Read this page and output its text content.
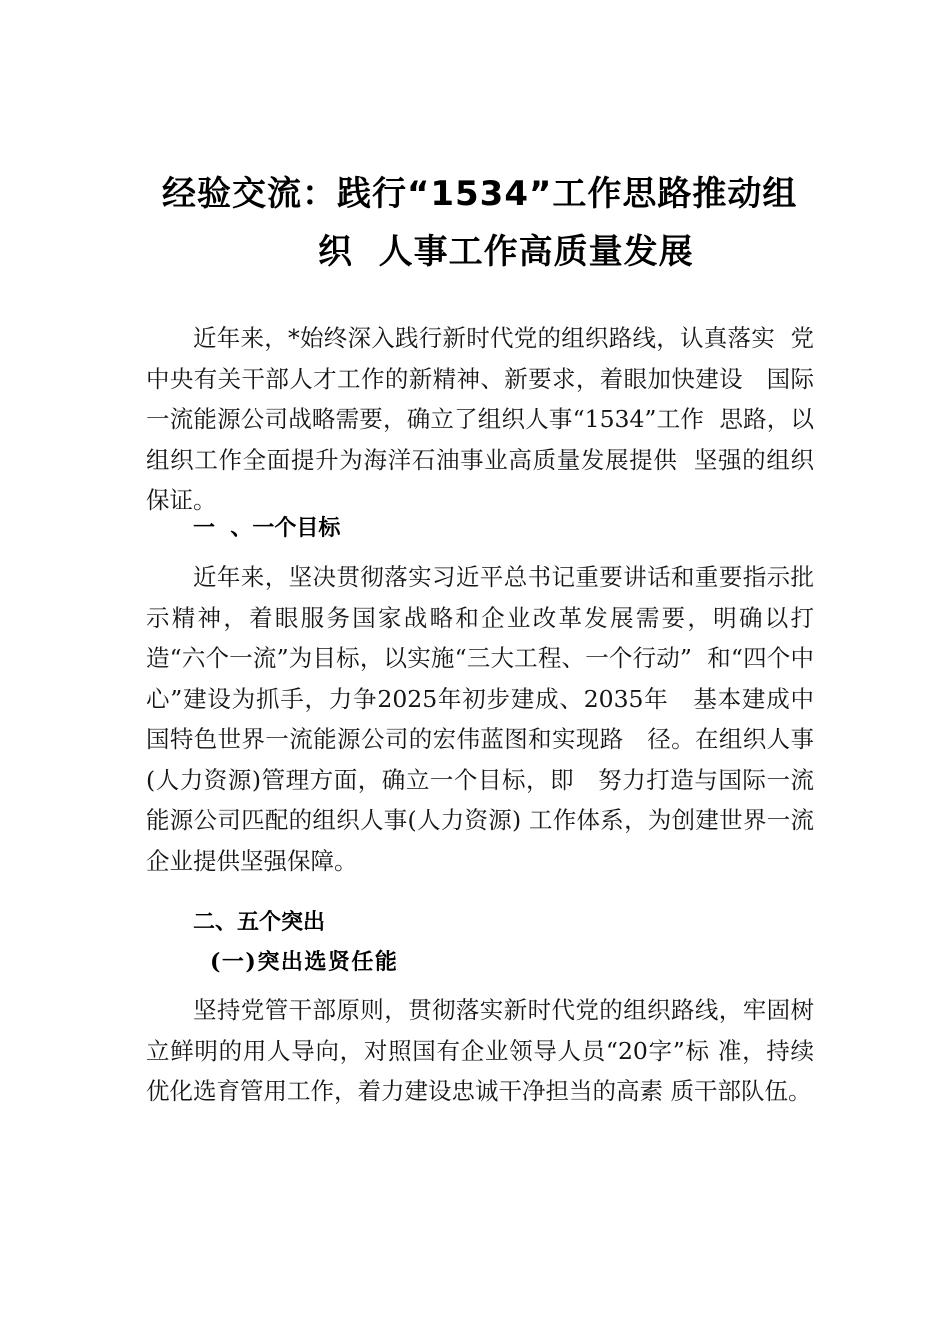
经验交流：践行“1534”工作思路推动组
织  人事工作高质量发展
近年来，*始终深入践行新时代党的组织路线，认真落实  党中央有关干部人才工作的新精神、新要求，着眼加快建设   国际一流能源公司战略需要，确立了组织人事“1534”工作  思路，以组织工作全面提升为海洋石油事业高质量发展提供  坚强的组织保证。
一  、一个目标
近年来，坚决贯彻落实习近平总书记重要讲话和重要指示批示精神，着眼服务国家战略和企业改革发展需要，明确以打造“六个一流”为目标，以实施“三大工程、一个行动”  和“四个中心”建设为抓手，力争2025年初步建成、2035年   基本建成中国特色世界一流能源公司的宏伟蓝图和实现路   径。在组织人事(人力资源)管理方面，确立一个目标，即   努力打造与国际一流能源公司匹配的组织人事(人力资源) 工作体系，为创建世界一流企业提供坚强保障。
二、五个突出
(一)突出选贤任能
坚持党管干部原则，贯彻落实新时代党的组织路线，牢固树立鲜明的用人导向，对照国有企业领导人员“20字”标 准，持续优化选育管用工作，着力建设忠诚干净担当的高素 质干部队伍。
